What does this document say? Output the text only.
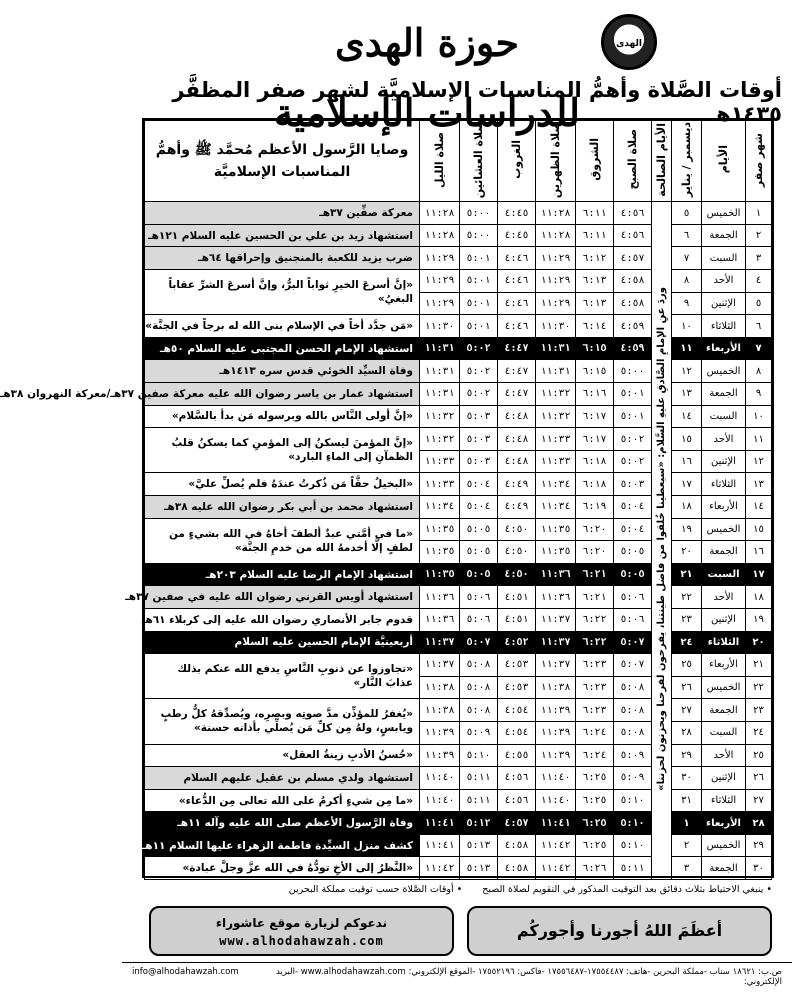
الهدى
حوزة الهدى للدراسات الإسلامية
أوقات الصَّلاة وأهمُّ المناسبات الإسلاميَّة لشهر صفر المظفَّر ١٤٣٥هـ
شهر صفر	الأيام	ديسمبر / يناير	الأيام الصالحة	صلاة الصبح	الشروق	صلاة الظهرين	الغروب	صلاة العشائين	صلاة الليل	وصايا الرَّسول الأعظم مُحمَّد ﷺ وأهمُّ المناسبات الإسلاميَّة

١	الخميس	٥	وردَ عنِ الإمامِ الصَّادقِ عليهِ السَّلام: «سيعطينا خُلقوا من فاضل طينتنا، يفرحون لفرحنا ويحزنون لحزننا»	٤:٥٦	٦:١١	١١:٢٨	٤:٤٥	٥:٠٠	١١:٢٨	معركة صفِّين ٣٧هـ
٢	الجمعة	٦		٤:٥٦	٦:١١	١١:٢٨	٤:٤٥	٥:٠٠	١١:٢٨	استشهاد زيد بن علي بن الحسين عليه السلام ١٢١هـ
٣	السبت	٧		٤:٥٧	٦:١٢	١١:٢٩	٤:٤٦	٥:٠١	١١:٢٩	ضرب يزيد للكعبة بالمنجنيق وإحراقها ٦٤هـ
٤	الأحد	٨		٤:٥٨	٦:١٣	١١:٢٩	٤:٤٦	٥:٠١	١١:٢٩	«إنَّ أسرعَ الخيرِ ثواباً البرُّ، وإنَّ أسرعَ الشرِّ عقاباً البغيُ»
٥	الإثنين	٩		٤:٥٨	٦:١٣	١١:٢٩	٤:٤٦	٥:٠١	١١:٢٩	
٦	الثلاثاء	١٠		٤:٥٩	٦:١٤	١١:٣٠	٤:٤٦	٥:٠١	١١:٣٠	«مَن جدَّد أخاً في الإسلام بنى الله له برجاً في الجنَّة»
٧	الأربعاء	١١		٤:٥٩	٦:١٥	١١:٣١	٤:٤٧	٥:٠٢	١١:٣١	استشهاد الإمام الحسن المجتبى عليه السلام ٥٠هـ
٨	الخميس	١٢		٥:٠٠	٦:١٥	١١:٣١	٤:٤٧	٥:٠٢	١١:٣١	وفاة السيِّد الخوئي قدس سره ١٤١٣هـ
٩	الجمعة	١٣		٥:٠١	٦:١٦	١١:٣٢	٤:٤٧	٥:٠٢	١١:٣١	استشهاد عمار بن ياسر رضوان الله عليه معركة صفين ٣٧هـ/معركة النهروان ٣٨هـ
١٠	السبت	١٤		٥:٠١	٦:١٧	١١:٣٢	٤:٤٨	٥:٠٣	١١:٣٢	«إنَّ أولى النَّاس بالله وبرسوله مَن بدأ بالسَّلام»
١١	الأحد	١٥		٥:٠٢	٦:١٧	١١:٣٣	٤:٤٨	٥:٠٣	١١:٣٢	«إنَّ المؤمنَ ليسكنُ إلى المؤمنِ كما يسكنُ قلبُ الظمآنِ إلى الماءِ البارد»
١٢	الإثنين	١٦		٥:٠٢	٦:١٨	١١:٣٣	٤:٤٨	٥:٠٣	١١:٣٣	
١٣	الثلاثاء	١٧		٥:٠٣	٦:١٨	١١:٣٤	٤:٤٩	٥:٠٤	١١:٣٣	«البخيلُ حقَّاً مَن ذُكرتُ عندَهُ فلم يُصلِّ عليَّ»
١٤	الأربعاء	١٨		٥:٠٤	٦:١٩	١١:٣٤	٤:٤٩	٥:٠٤	١١:٣٤	استشهاد محمد بن أبي بكر رضوان الله عليه ٣٨هـ
١٥	الخميس	١٩		٥:٠٤	٦:٢٠	١١:٣٥	٤:٥٠	٥:٠٥	١١:٣٥	«ما في أمَّتي عبدٌ ألطفَ أخاهُ في الله بشيءٍ من لطفٍ إلَّا أخدمهُ الله من خدمِ الجنَّة»
١٦	الجمعة	٢٠		٥:٠٥	٦:٢٠	١١:٣٥	٤:٥٠	٥:٠٥	١١:٣٥	
١٧	السبت	٢١		٥:٠٥	٦:٢١	١١:٣٦	٤:٥٠	٥:٠٥	١١:٣٥	استشهاد الإمام الرضا عليه السلام ٢٠٣هـ
١٨	الأحد	٢٢		٥:٠٦	٦:٢١	١١:٣٦	٤:٥١	٥:٠٦	١١:٣٦	استشهاد أويس القرني رضوان الله عليه في صفين ٣٧هـ
١٩	الإثنين	٢٣		٥:٠٦	٦:٢٢	١١:٣٧	٤:٥١	٥:٠٦	١١:٣٦	قدوم جابر الأنصاري رضوان الله عليه إلى كربلاء ٦١هـ
٢٠	الثلاثاء	٢٤		٥:٠٧	٦:٢٢	١١:٣٧	٤:٥٢	٥:٠٧	١١:٣٧	أربعينيَّة الإمام الحسين عليه السلام
٢١	الأربعاء	٢٥		٥:٠٧	٦:٢٣	١١:٣٧	٤:٥٣	٥:٠٨	١١:٣٧	«تجاوزوا عن ذنوبِ النَّاسِ يدفع الله عنكم بذلك عذابَ النَّار»
٢٢	الخميس	٢٦		٥:٠٨	٦:٢٣	١١:٣٨	٤:٥٣	٥:٠٨	١١:٣٨	
٢٣	الجمعة	٢٧		٥:٠٨	٦:٢٣	١١:٣٩	٤:٥٤	٥:٠٨	١١:٣٨	«يُغفرُ للمؤذِّن مدَّ صوتِه وبصرِه، ويُصدِّقهُ كلُّ رطبٍ ويابسٍ، ولهُ مِن كلِّ مَن يُصلِّي بأذانه حسنة»
٢٤	السبت	٢٨		٥:٠٨	٦:٢٤	١١:٣٩	٤:٥٤	٥:٠٩	١١:٣٩	
٢٥	الأحد	٢٩		٥:٠٩	٦:٢٤	١١:٣٩	٤:٥٥	٥:١٠	١١:٣٩	«حُسنُ الأدبِ زينةُ العقل»
٢٦	الإثنين	٣٠		٥:٠٩	٦:٢٥	١١:٤٠	٤:٥٦	٥:١١	١١:٤٠	استشهاد ولدي مسلم بن عقيل عليهم السلام
٢٧	الثلاثاء	٣١		٥:١٠	٦:٢٥	١١:٤٠	٤:٥٦	٥:١١	١١:٤٠	«ما مِن شيءٍ أكرمُ على الله تعالى مِن الدُّعاء»
٢٨	الأربعاء	١		٥:١٠	٦:٢٥	١١:٤١	٤:٥٧	٥:١٢	١١:٤١	وفاة الرَّسول الأعظم صلى الله عليه وآله ١١هـ
٢٩	الخميس	٢		٥:١٠	٦:٢٥	١١:٤٢	٤:٥٨	٥:١٣	١١:٤١	كشف منزل السيِّدة فاطمة الزهراء عليها السلام ١١هـ
٣٠	الجمعة	٣		٥:١١	٦:٢٦	١١:٤٢	٤:٥٨	٥:١٣	١١:٤٢	«النَّظرُ إلى الأخِ تودُّهُ في الله عزَّ وجلَّ عبادة»
• ينبغي الاحتياط بثلاث دقائق بعد التوقيت المذكور في التقويم لصلاة الصبح
• أوقات الصَّلاة حسب توقيت مملكة البحرين
أعظَمَ اللهُ أجورنا وأجوركُم
ندعوكم لزيارة موقع عاشوراء
www.alhodahawzah.com
ص.ب: ١٨٦٢١ سناب -مملكة البحرين -هاتف: ١٧٥٥٤٤٨٧-١٧٥٥٦٤٨٧ -فاكس: ١٧٥٥٢١٩٦ -الموقع الإلكتروني: www.alhodahawzah.com -البريد الإلكتروني:
info@alhodahawzah.com
